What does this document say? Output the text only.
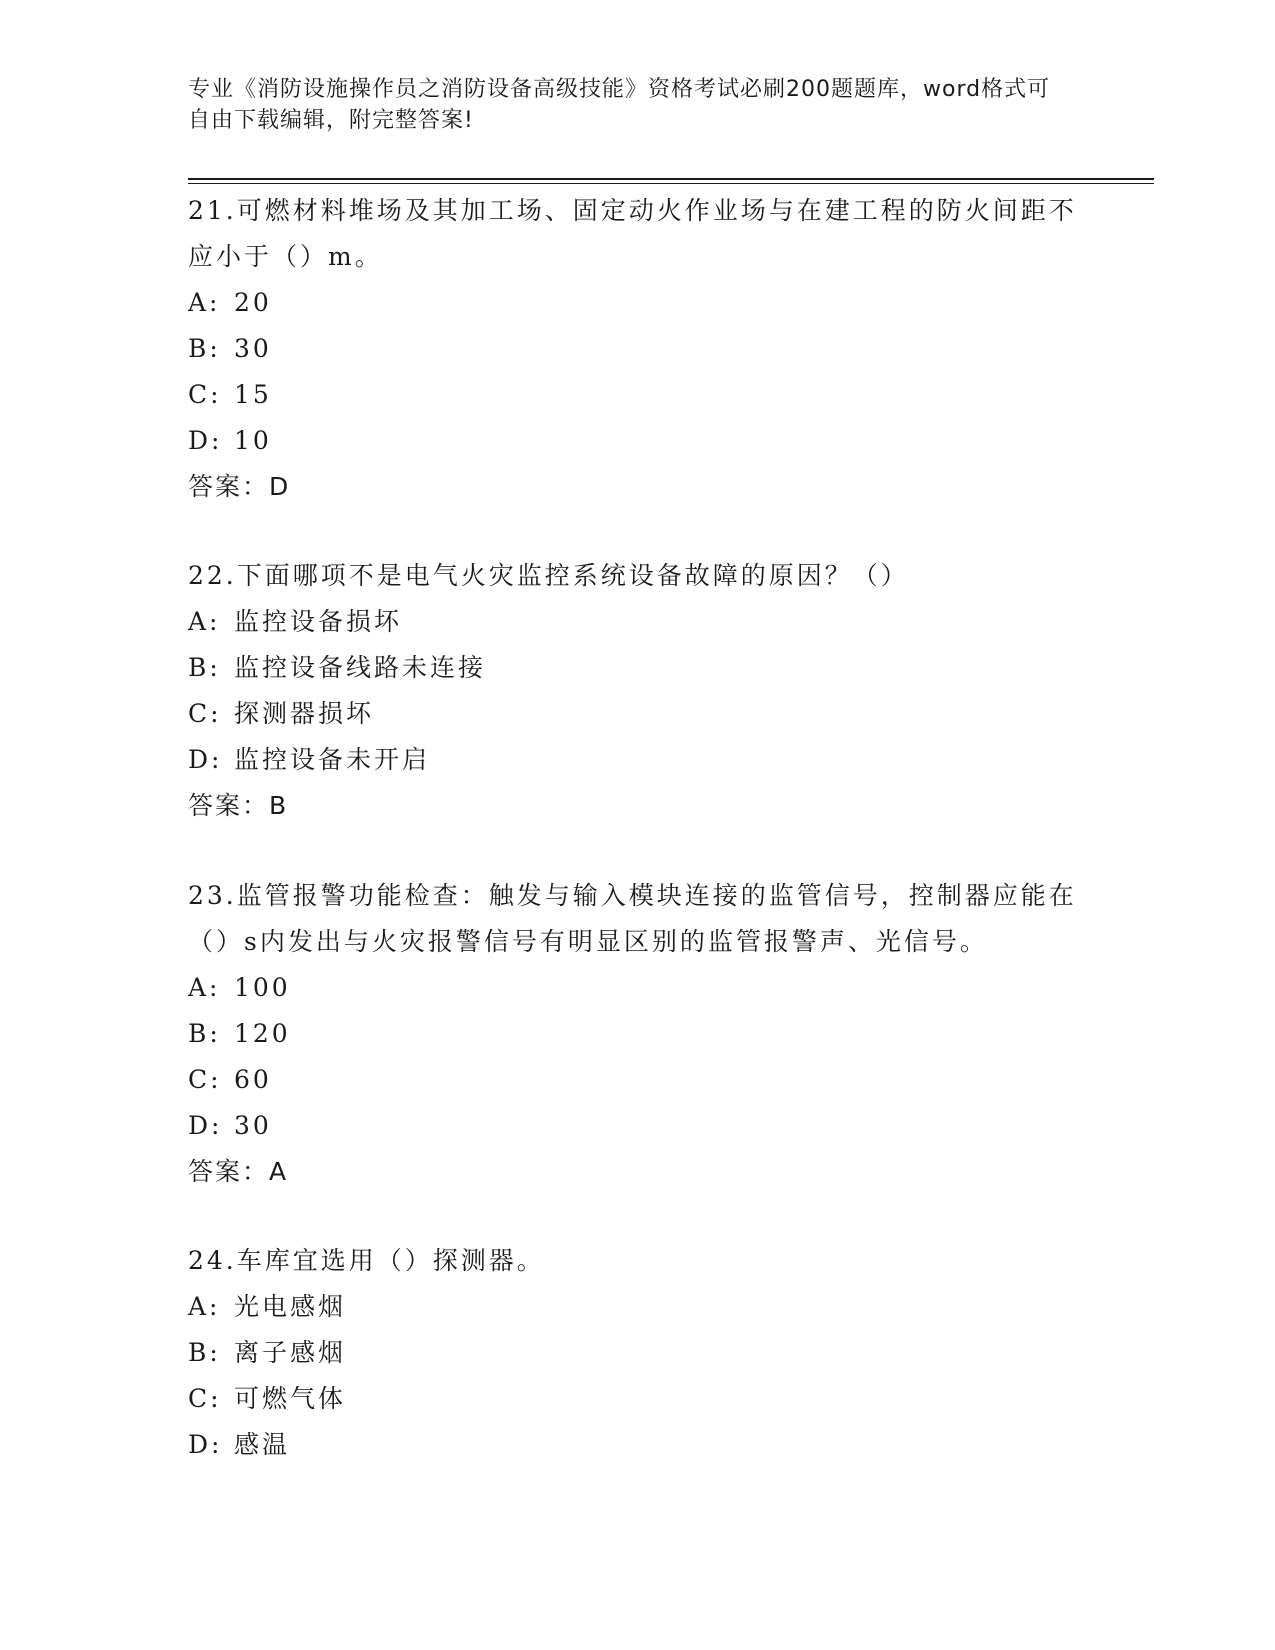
专业《消防设施操作员之消防设备高级技能》资格考试必刷200题题库，word格式可自由下载编辑，附完整答案!

21.可燃材料堆场及其加工场、固定动火作业场与在建工程的防火间距不应小于（）m。

A: 20
B: 30
C: 15
D: 10

答案：D

22.下面哪项不是电气火灾监控系统设备故障的原因？（）

A: 监控设备损坏
B: 监控设备线路未连接
C: 探测器损坏
D: 监控设备未开启

答案：B

23.监管报警功能检查：触发与输入模块连接的监管信号，控制器应能在（）s内发出与火灾报警信号有明显区别的监管报警声、光信号。

A: 100
B: 120
C: 60
D: 30

答案：A

24.车库宜选用（）探测器。

A: 光电感烟
B: 离子感烟
C: 可燃气体
D: 感温
